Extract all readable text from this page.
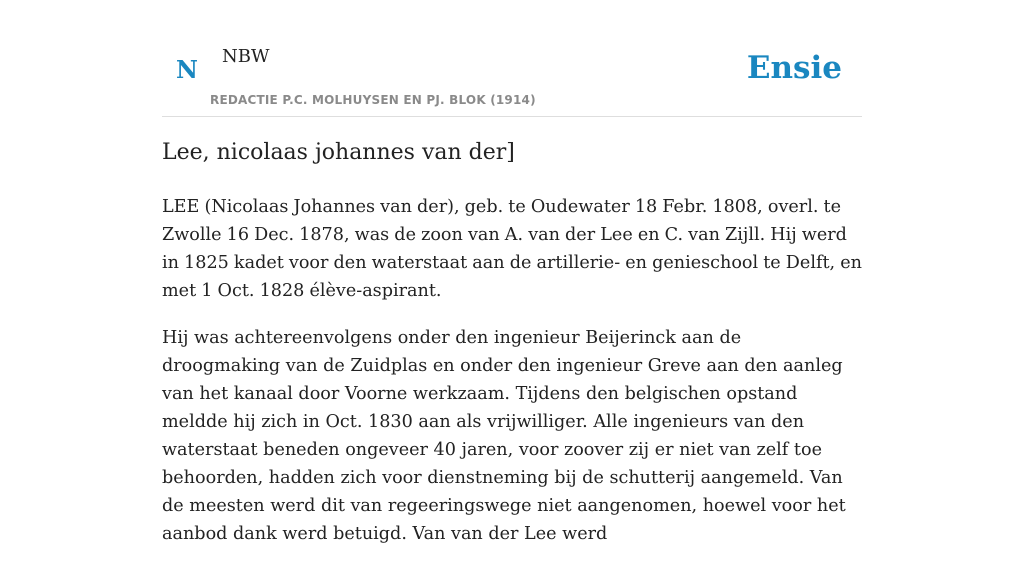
N NBW
REDACTIE P.C. MOLHUYSEN EN PJ. BLOK (1914)
Ensie
Lee, nicolaas johannes van der]

LEE (Nicolaas Johannes van der), geb. te Oudewater 18 Febr. 1808, overl. te Zwolle 16 Dec. 1878, was de zoon van A. van der Lee en C. van Zijll. Hij werd in 1825 kadet voor den waterstaat aan de artillerie- en genieschool te Delft, en met 1 Oct. 1828 élève-aspirant.

Hij was achtereenvolgens onder den ingenieur Beijerinck aan de droogmaking van de Zuidplas en onder den ingenieur Greve aan den aanleg van het kanaal door Voorne werkzaam. Tijdens den belgischen opstand meldde hij zich in Oct. 1830 aan als vrijwilliger. Alle ingenieurs van den waterstaat beneden ongeveer 40 jaren, voor zoover zij er niet van zelf toe behoorden, hadden zich voor dienstneming bij de schutterij aangemeld. Van de meesten werd dit van regeeringswege niet aangenomen, hoewel voor het aanbod dank werd betuigd. Van van der Lee werd
